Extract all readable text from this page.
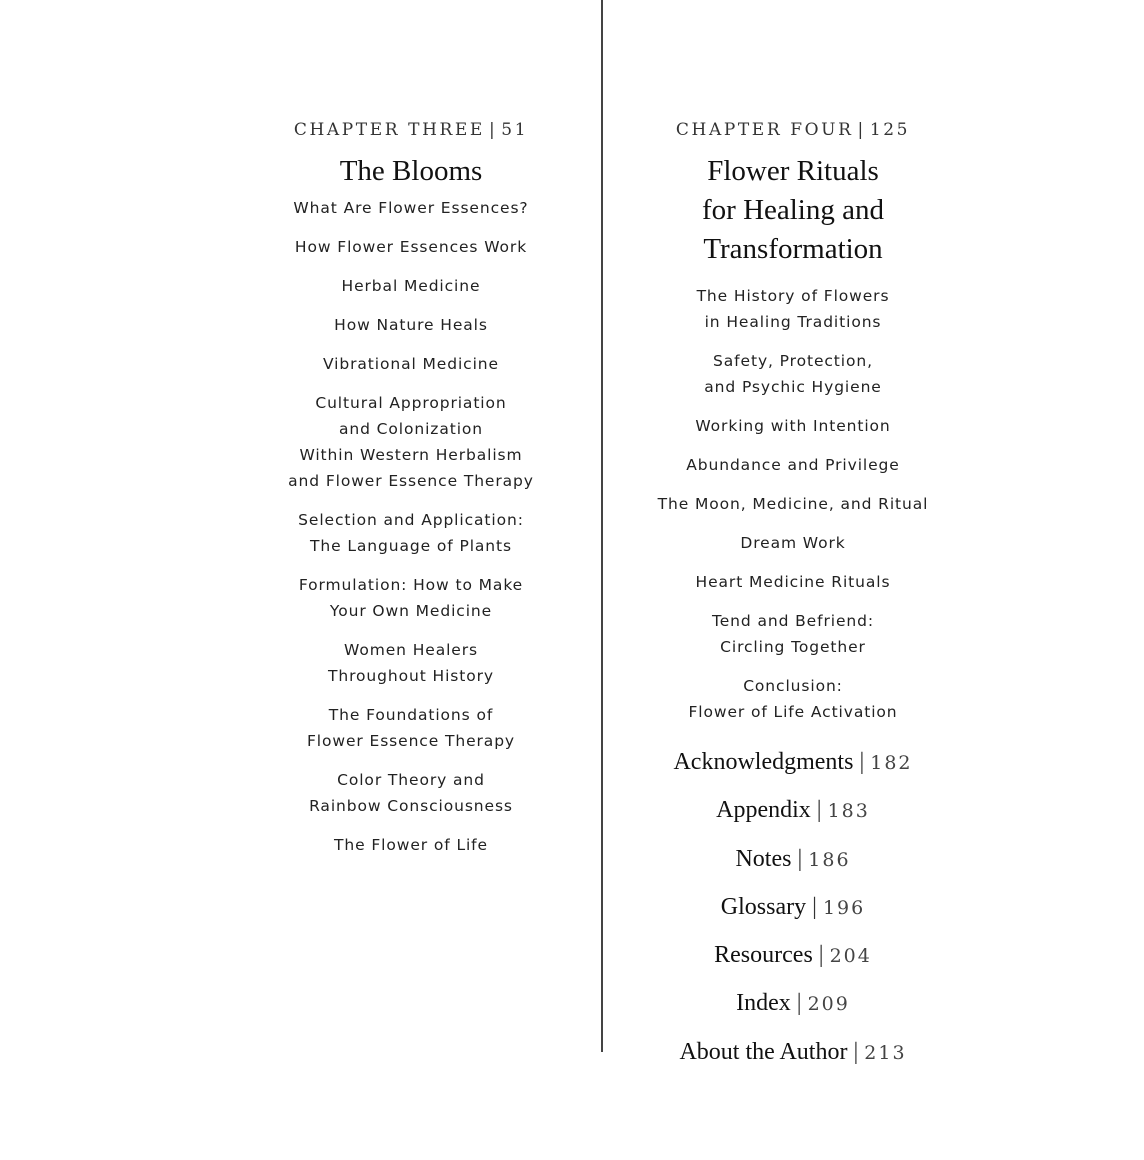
CHAPTER THREE | 51
The Blooms
What Are Flower Essences?
How Flower Essences Work
Herbal Medicine
How Nature Heals
Vibrational Medicine
Cultural Appropriation
and Colonization
Within Western Herbalism
and Flower Essence Therapy
Selection and Application:
The Language of Plants
Formulation: How to Make
Your Own Medicine
Women Healers
Throughout History
The Foundations of
Flower Essence Therapy
Color Theory and
Rainbow Consciousness
The Flower of Life
CHAPTER FOUR | 125
Flower Rituals
for Healing and
Transformation
The History of Flowers
in Healing Traditions
Safety, Protection,
and Psychic Hygiene
Working with Intention
Abundance and Privilege
The Moon, Medicine, and Ritual
Dream Work
Heart Medicine Rituals
Tend and Befriend:
Circling Together
Conclusion:
Flower of Life Activation
Acknowledgments | 182
Appendix | 183
Notes | 186
Glossary | 196
Resources | 204
Index | 209
About the Author | 213
